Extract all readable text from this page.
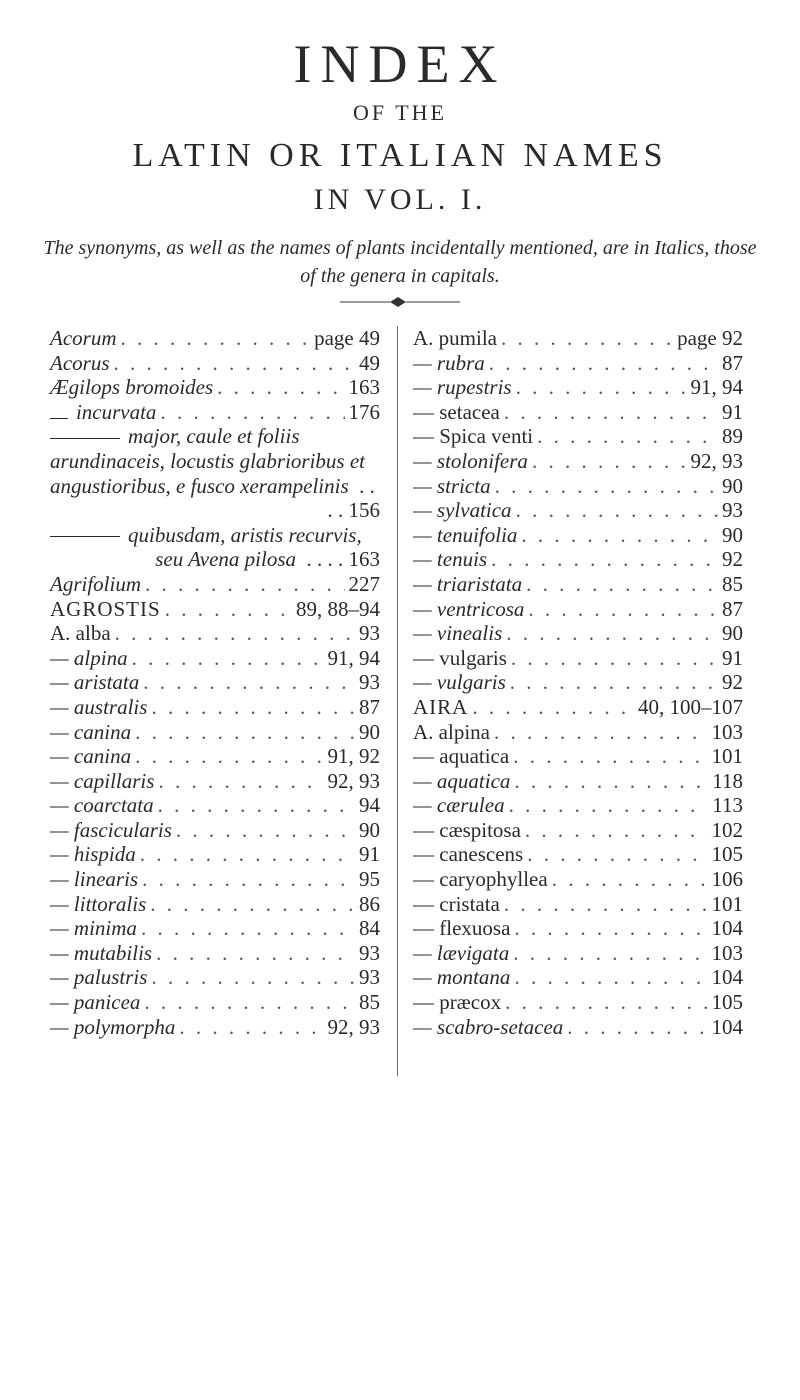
INDEX
OF THE
LATIN OR ITALIAN NAMES
IN VOL. I.
The synonyms, as well as the names of plants incidentally mentioned, are in Italics, those of the genera in capitals.
Acorum . . .	page 49
Acorus . . .	49
Ægilops bromoides . . .	163
incurvata . . .	176
major, caule et foliis arundinaceis, locustis glabrioribus et angustioribus, e fusco xerampelinis  . . . . 156
quibusdam, aristis recurvis, seu Avena pilosa  . . . . 163
Agrifolium . . .	227
AGROSTIS . . .	89, 88–94
A. alba . . .	93
— alpina . . .	91, 94
— aristata . . .	93
— australis . . .	87
— canina . . .	90
— canina . . .	91, 92
— capillaris . . .	92, 93
— coarctata . . .	94
— fascicularis . . .	90
— hispida . . .	91
— linearis . . .	95
— littoralis . . .	86
— minima . . .	84
— mutabilis . . .	93
— palustris . . .	93
— panicea . . .	85
— polymorpha . . .	92, 93
A. pumila . . .	page 92
— rubra . . .	87
— rupestris . . .	91, 94
— setacea . . .	91
— Spica venti . . .	89
— stolonifera . . .	92, 93
— stricta . . .	90
— sylvatica . . .	93
— tenuifolia . . .	90
— tenuis . . .	92
— triaristata . . .	85
— ventricosa . . .	87
— vinealis . . .	90
— vulgaris . . .	91
— vulgaris . . .	92
AIRA . . .	40, 100–107
A. alpina . . .	103
— aquatica . . .	101
— aquatica . . .	118
— cærulea . . .	113
— cæspitosa . . .	102
— canescens . . .	105
— caryophyllea . . .	106
— cristata . . .	101
— flexuosa . . .	104
— lævigata . . .	103
— montana . . .	104
— præcox . . .	105
— scabro-setacea . . .	104
